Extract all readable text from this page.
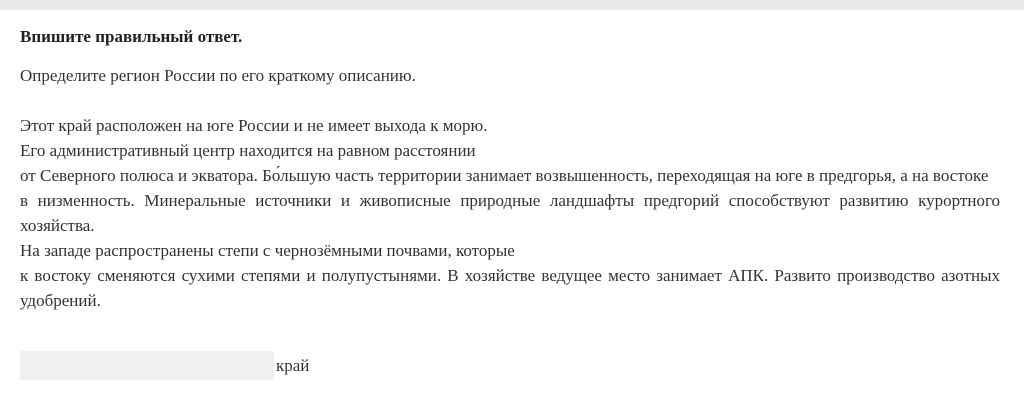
Впишите правильный ответ.

Определите регион России по его краткому описанию.

Этот край расположен на юге России и не имеет выхода к морю.
Его административный центр находится на равном расстоянии
от Северного полюса и экватора. Бо́льшую часть территории занимает возвышенность, переходящая на юге в предгорья, а на востоке
в низменность. Минеральные источники и живописные природные ландшафты предгорий способствуют развитию курортного хозяйства.
На западе распространены степи с чернозёмными почвами, которые
к востоку сменяются сухими степями и полупустынями. В хозяйстве ведущее место занимает АПК. Развито производство азотных удобрений.
край
